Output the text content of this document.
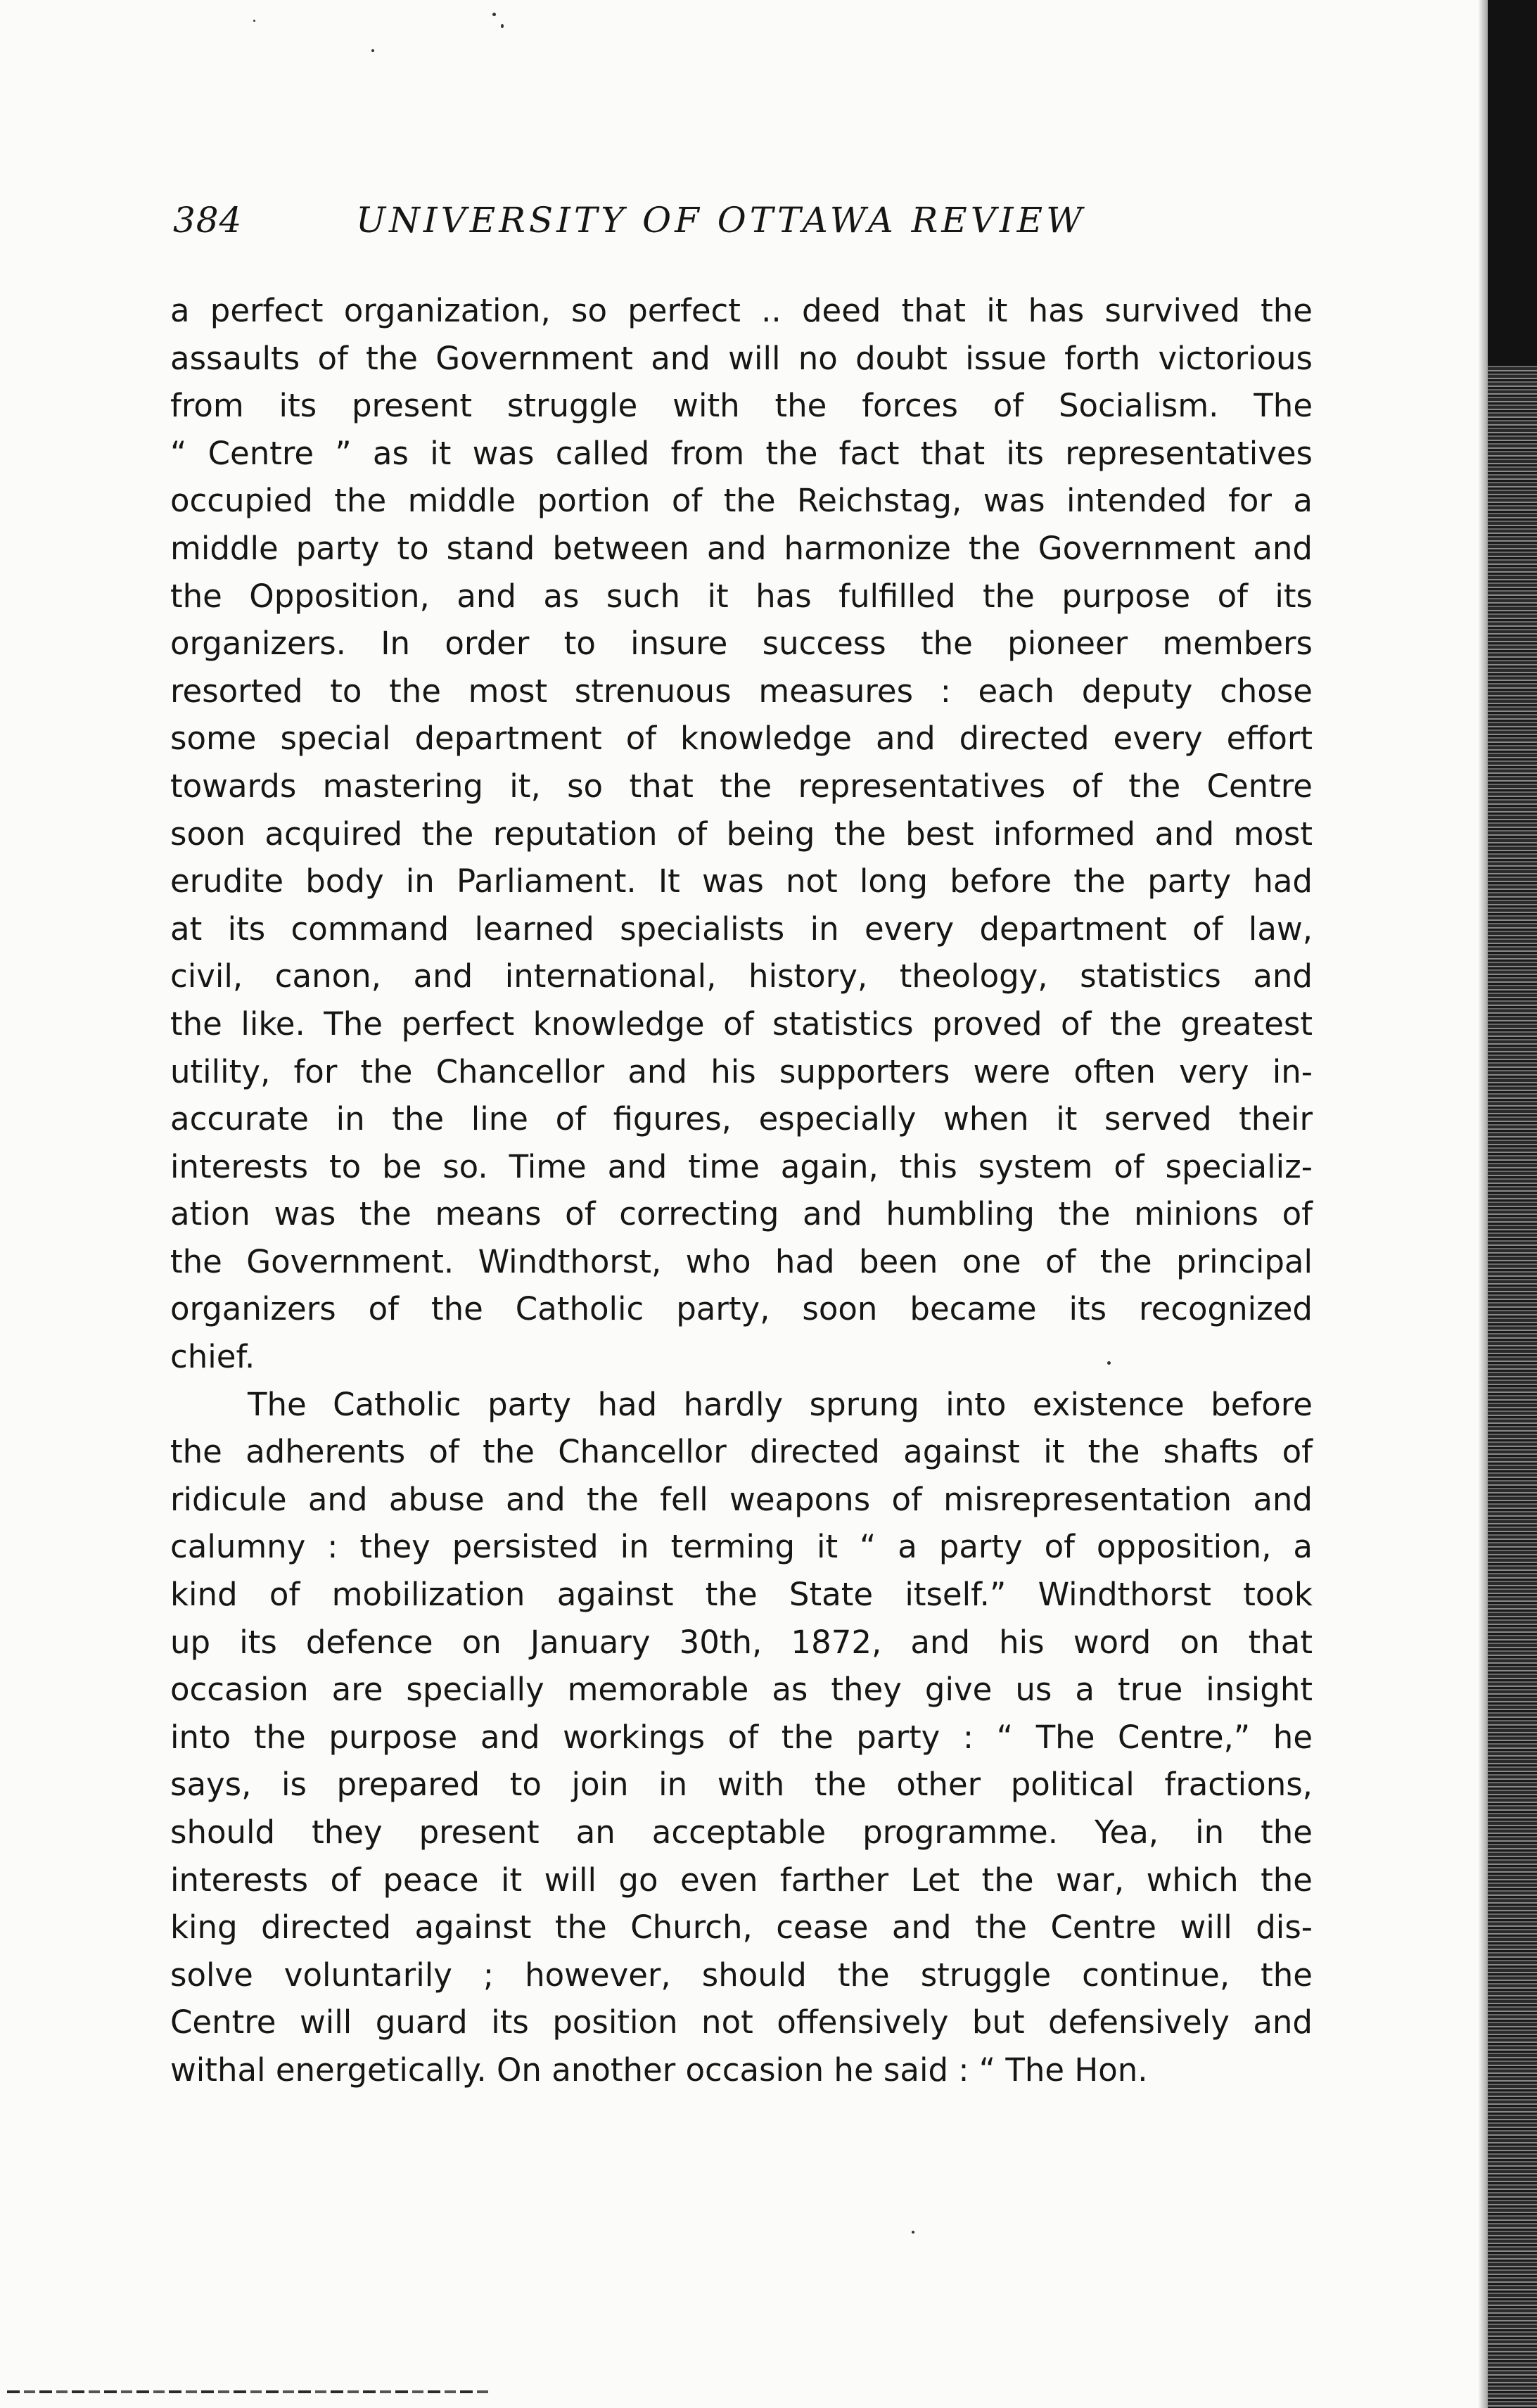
384	UNIVERSITY OF OTTAWA REVIEW
a perfect organization, so perfect .. deed that it has survived the
assaults of the Government and will no doubt issue forth victorious
from its present struggle with the forces of Socialism. The
“ Centre ” as it was called from the fact that its representatives
occupied the middle portion of the Reichstag, was intended for a
middle party to stand between and harmonize the Government and
the Opposition, and as such it has fulfilled the purpose of its
organizers. In order to insure success the pioneer members
resorted to the most strenuous measures : each deputy chose
some special department of knowledge and directed every effort
towards mastering it, so that the representatives of the Centre
soon acquired the reputation of being the best informed and most
erudite body in Parliament. It was not long before the party had
at its command learned specialists in every department of law,
civil, canon, and international, history, theology, statistics and
the like. The perfect knowledge of statistics proved of the greatest
utility, for the Chancellor and his supporters were often very in-
accurate in the line of figures, especially when it served their
interests to be so. Time and time again, this system of specializ-
ation was the means of correcting and humbling the minions of
the Government. Windthorst, who had been one of the principal
organizers of the Catholic party, soon became its recognized
chief.
The Catholic party had hardly sprung into existence before
the adherents of the Chancellor directed against it the shafts of
ridicule and abuse and the fell weapons of misrepresentation and
calumny : they persisted in terming it “ a party of opposition, a
kind of mobilization against the State itself.” Windthorst took
up its defence on January 30th, 1872, and his word on that
occasion are specially memorable as they give us a true insight
into the purpose and workings of the party : “ The Centre,” he
says, is prepared to join in with the other political fractions,
should they present an acceptable programme. Yea, in the
interests of peace it will go even farther Let the war, which the
king directed against the Church, cease and the Centre will dis-
solve voluntarily ; however, should the struggle continue, the
Centre will guard its position not offensively but defensively and
withal energetically. On another occasion he said : “ The Hon.
